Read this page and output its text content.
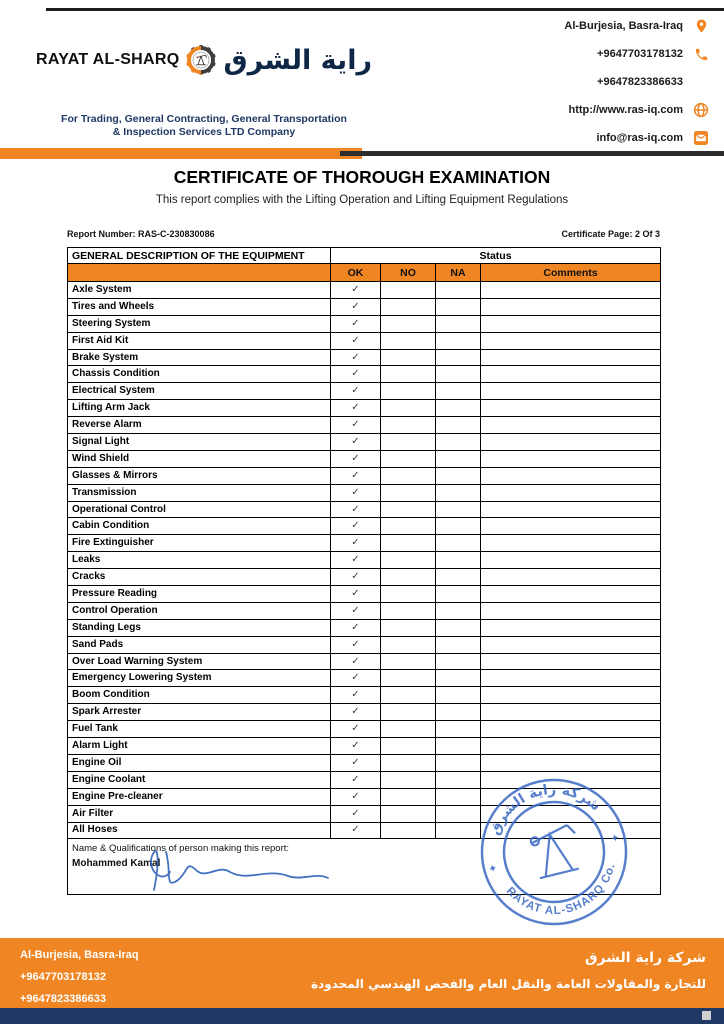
RAYAT AL-SHARQ راية الشرق
For Trading, General Contracting, General Transportation
& Inspection Services LTD Company
Al-Burjesia, Basra-Iraq
+9647703178132
+9647823386633
http://www.ras-iq.com
info@ras-iq.com
CERTIFICATE OF THOROUGH EXAMINATION
This report complies with the Lifting Operation and Lifting Equipment Regulations
Report Number: RAS-C-230830086	Certificate Page: 2 Of 3
GENERAL DESCRIPTION OF THE EQUIPMENT	Status			
	OK	NO	NA	Comments
Axle System	✓			
Tires and Wheels	✓			
Steering System	✓			
First Aid Kit	✓			
Brake System	✓			
Chassis Condition	✓			
Electrical System	✓			
Lifting Arm Jack	✓			
Reverse Alarm	✓			
Signal Light	✓			
Wind Shield	✓			
Glasses & Mirrors	✓			
Transmission	✓			
Operational Control	✓			
Cabin Condition	✓			
Fire Extinguisher	✓			
Leaks	✓			
Cracks	✓			
Pressure Reading	✓			
Control Operation	✓			
Standing Legs	✓			
Sand Pads	✓			
Over Load Warning System	✓			
Emergency Lowering System	✓			
Boom Condition	✓			
Spark Arrester	✓			
Fuel Tank	✓			
Alarm Light	✓			
Engine Oil	✓			
Engine Coolant	✓			
Engine Pre-cleaner	✓			
Air Filter	✓			
All Hoses	✓			

Name & Qualifications of person making this report:
Mohammed Kamal				
شركة راية الشرق
RAYAT AL-SHARQ Co.
✦
✦
Al-Burjesia, Basra-Iraq
+9647703178132
+9647823386633
شركة راية الشرق
للتجارة والمقاولات العامة والنقل العام والفحص الهندسي المحدودة
